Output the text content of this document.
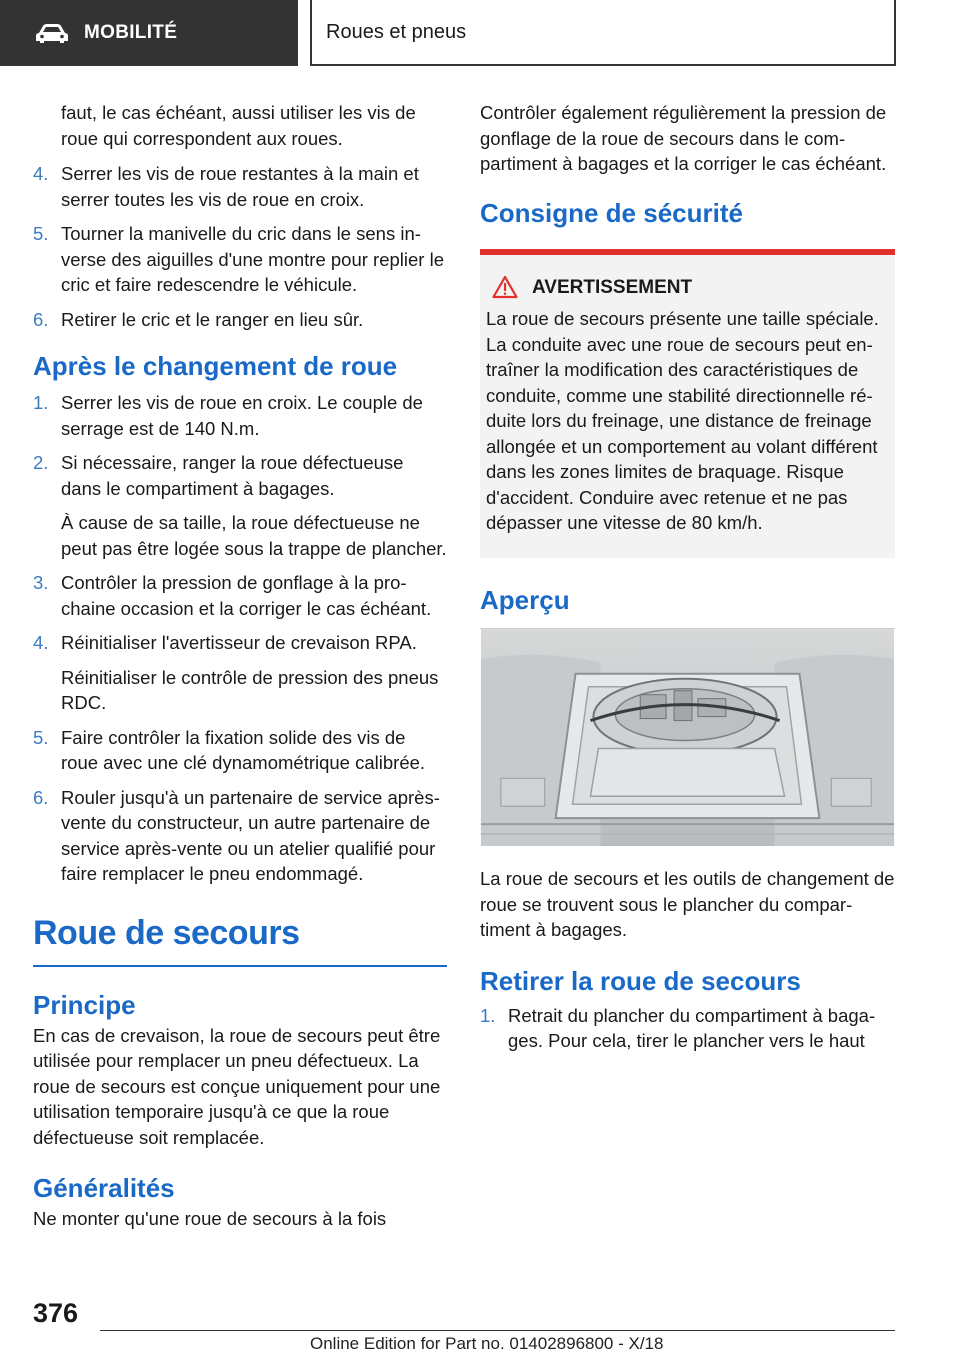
MOBILITÉ	Roues et pneus
faut, le cas échéant, aussi utiliser les vis de roue qui correspondent aux roues.
4. Serrer les vis de roue restantes à la main et serrer toutes les vis de roue en croix.
5. Tourner la manivelle du cric dans le sens inverse des aiguilles d'une montre pour replier le cric et faire redescendre le véhicule.
6. Retirer le cric et le ranger en lieu sûr.
Après le changement de roue
1. Serrer les vis de roue en croix. Le couple de serrage est de 140 N.m.
2. Si nécessaire, ranger la roue défectueuse dans le compartiment à bagages.
À cause de sa taille, la roue défectueuse ne peut pas être logée sous la trappe de plancher.
3. Contrôler la pression de gonflage à la prochaine occasion et la corriger le cas échéant.
4. Réinitialiser l'avertisseur de crevaison RPA.
Réinitialiser le contrôle de pression des pneus RDC.
5. Faire contrôler la fixation solide des vis de roue avec une clé dynamométrique calibrée.
6. Rouler jusqu'à un partenaire de service après-vente du constructeur, un autre partenaire de service après-vente ou un atelier qualifié pour faire remplacer le pneu endommagé.
Roue de secours
Principe
En cas de crevaison, la roue de secours peut être utilisée pour remplacer un pneu défectueux. La roue de secours est conçue uniquement pour une utilisation temporaire jusqu'à ce que la roue défectueuse soit remplacée.
Généralités
Ne monter qu'une roue de secours à la fois
Contrôler également régulièrement la pression de gonflage de la roue de secours dans le compartiment à bagages et la corriger le cas échéant.
Consigne de sécurité
AVERTISSEMENT
La roue de secours présente une taille spéciale. La conduite avec une roue de secours peut entraîner la modification des caractéristiques de conduite, comme une stabilité directionnelle réduite lors du freinage, une distance de freinage allongée et un comportement au volant différent dans les zones limites de braquage. Risque d'accident. Conduire avec retenue et ne pas dépasser une vitesse de 80 km/h.
Aperçu
La roue de secours et les outils de changement de roue se trouvent sous le plancher du compartiment à bagages.
Retirer la roue de secours
1. Retrait du plancher du compartiment à bagages. Pour cela, tirer le plancher vers le haut
376
Online Edition for Part no. 01402896800 - X/18
